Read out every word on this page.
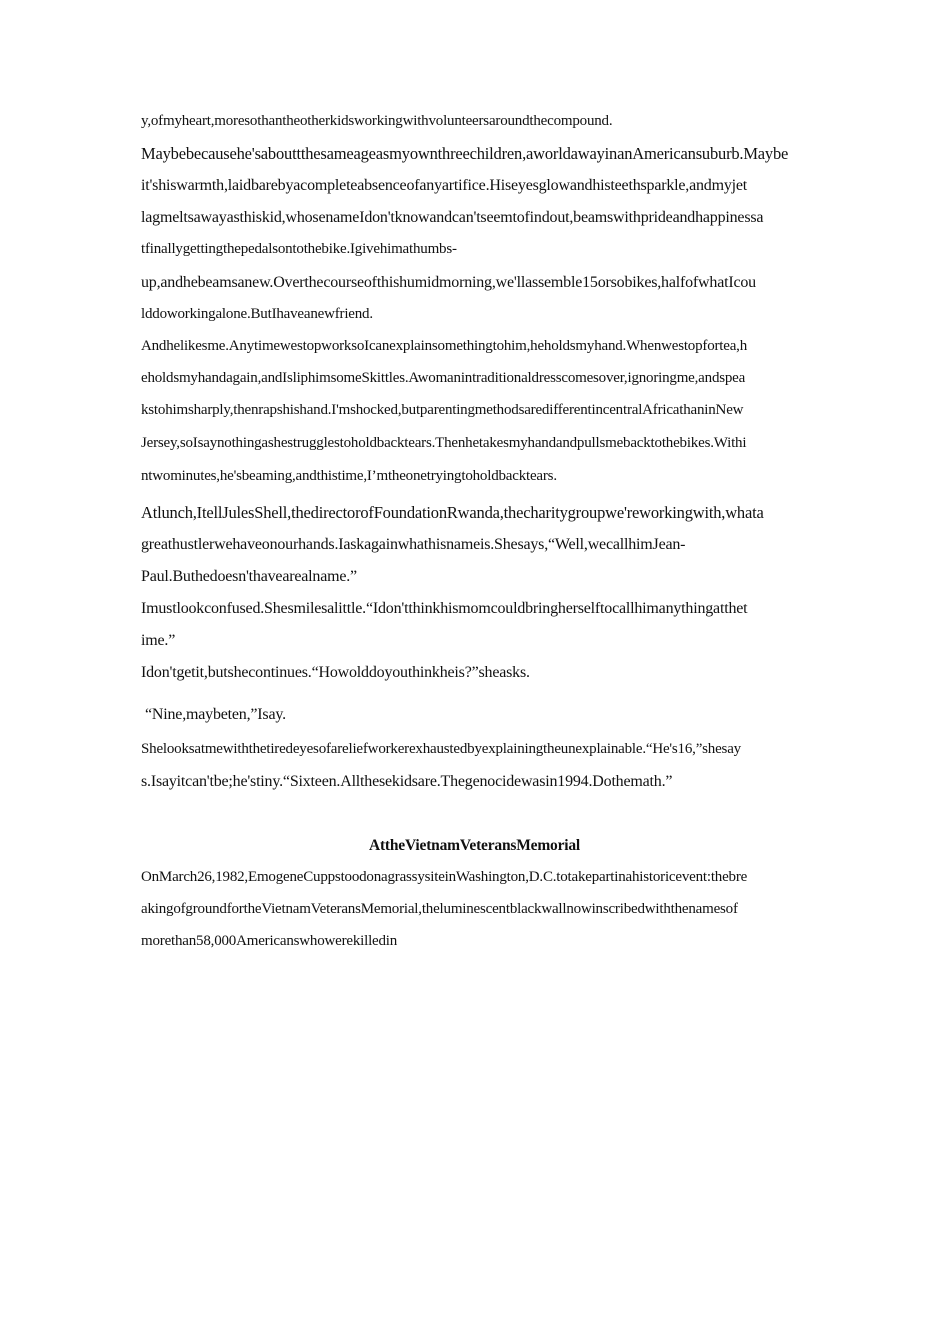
y,ofmyheart,moresothantheotherkidsworkingwithvolunteersaroundthecompound.
Maybebecausehe'sabouttthesameageasmyownthreechildren,aworldawayinanAmericansuburb.Maybe
it'shiswarmth,laidbarebyacompleteabsenceofanyartifice.Hiseyesglowandhisteethsparkle,andmyjet
lagmeltsawayasthiskid,whosenameIdon'tknowandcan'tseemtofindout,beamswithprideandhappinessa
tfinallygettingthepedalsontothebike.Igivehimathumbs-
up,andhebeamsanew.Overthecourseofthishumidmorning,we'llassemble15orsobikes,halfofwhatIcou
lddoworkingalone.ButIhaveanewfriend.
Andhelikesme.AnytimewestopworksoIcanexplainsomethingtohim,heholdsmyhand.Whenwestopfortea,h
eholdsmyhandagain,andIsliphimsomeSkittles.Awomanintraditionaldresscomesover,ignoringme,andspea
kstohimsharply,thenrapshishand.I'mshocked,butparentingmethodsaredifferentincentralAfricathaninNew
Jersey,soIsaynothingashestrugglestoholdbacktears.Thenhetakesmyhandandpullsmebacktothebikes.Withi
ntwominutes,he'sbeaming,andthistime,I’mtheonetryingtoholdbacktears.
Atlunch,ItellJulesShell,thedirectorofFoundationRwanda,thecharitygroupwe'reworkingwith,whata
greathustlerwehaveonourhands.Iaskagainwhathisnameis.Shesays,“Well,wecallhimJean-
Paul.Buthedoesn'thavearealname.”
Imustlookconfused.Shesmilesalittle.“Idon'tthinkhismomcouldbringherselftocallhimanythingatthet
ime.”
Idon'tgetit,butshecontinues.“Howolddoyouthinkheis?”sheasks.
“Nine,maybeten,”Isay.
Shelooksatmewiththetiredeyesofareliefworkerexhaustedbyexplainingtheunexplainable.“He's16,”shesay
s.Isayitcan'tbe;he'stiny.“Sixteen.Allthesekidsare.Thegenocidewasin1994.Dothemath.”
AttheVietnamVeteransMemorial
OnMarch26,1982,EmogeneCuppstoodonagrassysiteinWashington,D.C.totakepartinahistoricevent:thebre
akingofgroundfortheVietnamVeteransMemorial,theluminescentblackwallnowinscribedwiththenamesof
morethan58,000Americanswhowerekilledin
